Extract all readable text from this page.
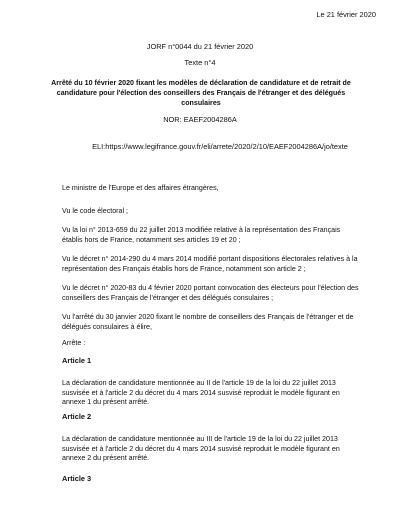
Le 21 février 2020
JORF n°0044 du 21 février 2020
Texte n°4
Arrêté du 10 février 2020 fixant les modèles de déclaration de candidature et de retrait de candidature pour l'élection des conseillers des Français de l'étranger et des délégués consulaires
NOR: EAEF2004286A
ELI:https://www.legifrance.gouv.fr/eli/arrete/2020/2/10/EAEF2004286A/jo/texte
Le ministre de l'Europe et des affaires étrangères,
Vu le code électoral ;
Vu la loi n° 2013-659 du 22 juillet 2013 modifiée relative à la représentation des Français établis hors de France, notamment ses articles 19 et 20 ;
Vu le décret n° 2014-290 du 4 mars 2014 modifié portant dispositions électorales relatives à la représentation des Français établis hors de France, notamment son article 2 ;
Vu le décret n° 2020-83 du 4 février 2020 portant convocation des électeurs pour l'élection des conseillers des Français de l'étranger et des délégués consulaires ;
Vu l'arrêté du 30 janvier 2020 fixant le nombre de conseillers des Français de l'étranger et de délégués consulaires à élire,
Arrête :
Article 1
La déclaration de candidature mentionnée au II de l'article 19 de la loi du 22 juillet 2013 susvisée et à l'article 2 du décret du 4 mars 2014 susvisé reproduit le modèle figurant en annexe 1 du présent arrêté.
Article 2
La déclaration de candidature mentionnée au III de l'article 19 de la loi du 22 juillet 2013 susvisée et à l'article 2 du décret du 4 mars 2014 susvisé reproduit le modèle figurant en annexe 2 du présent arrêté.
Article 3
